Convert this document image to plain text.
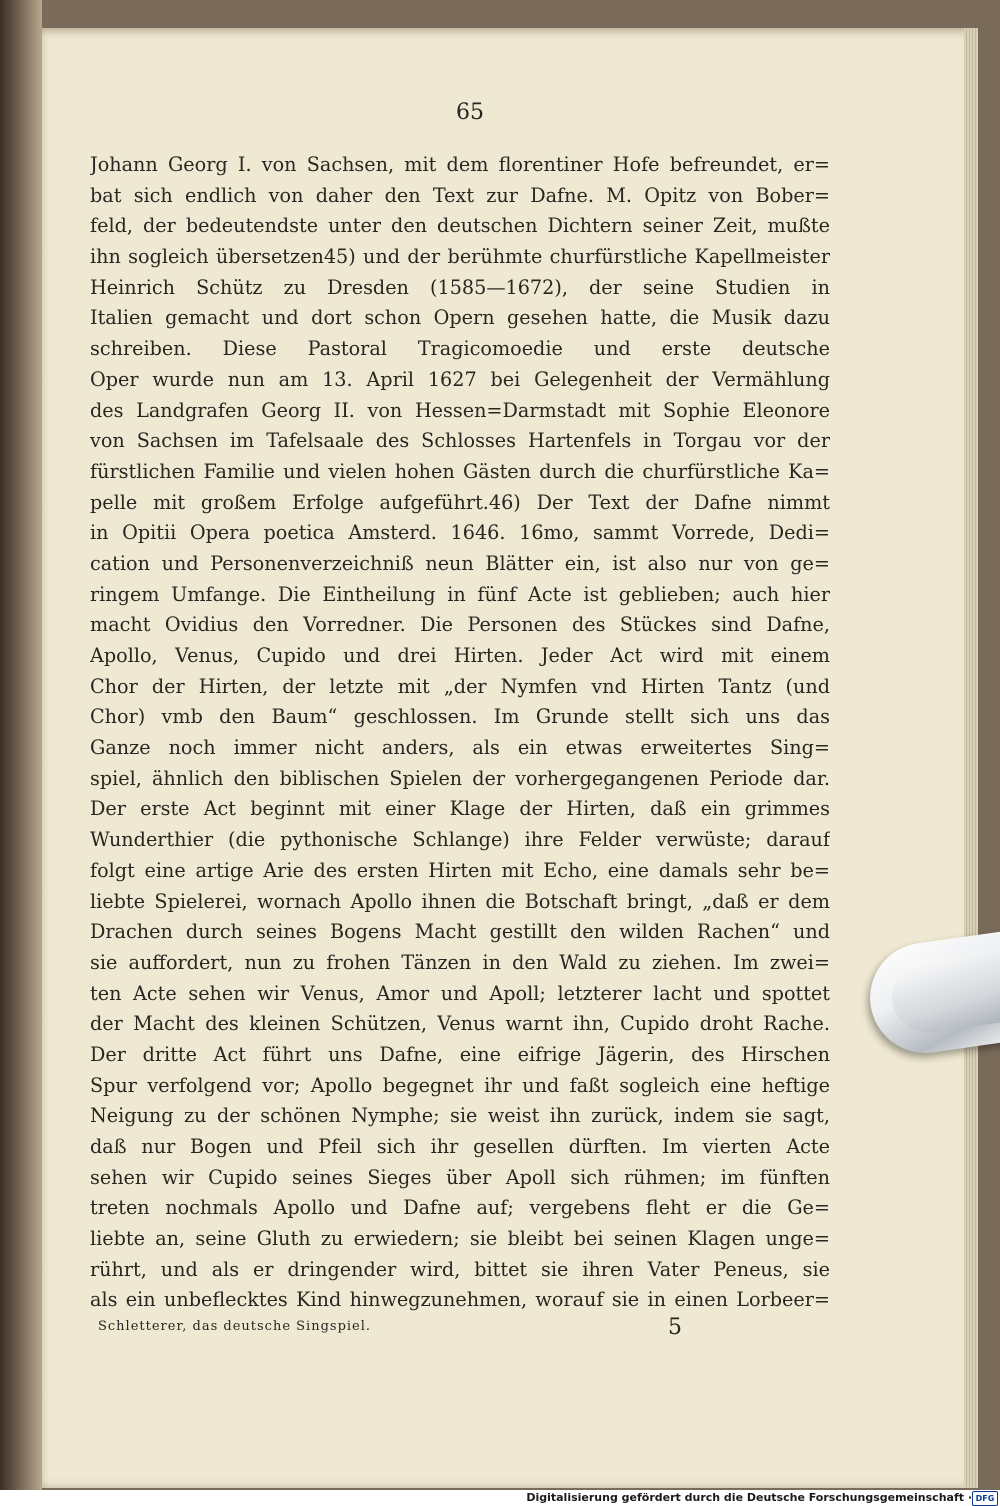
65
Johann Georg I. von Sachsen, mit dem florentiner Hofe befreundet, er=
bat sich endlich von daher den Text zur Dafne. M. Opitz von Bober=
feld, der bedeutendste unter den deutschen Dichtern seiner Zeit, mußte
ihn sogleich übersetzen45) und der berühmte churfürstliche Kapellmeister
Heinrich Schütz zu Dresden (1585—1672), der seine Studien in
Italien gemacht und dort schon Opern gesehen hatte, die Musik dazu
schreiben. Diese Pastoral Tragicomoedie und erste deutsche
Oper wurde nun am 13. April 1627 bei Gelegenheit der Vermählung
des Landgrafen Georg II. von Hessen=Darmstadt mit Sophie Eleonore
von Sachsen im Tafelsaale des Schlosses Hartenfels in Torgau vor der
fürstlichen Familie und vielen hohen Gästen durch die churfürstliche Ka=
pelle mit großem Erfolge aufgeführt.46) Der Text der Dafne nimmt
in Opitii Opera poetica Amsterd. 1646. 16mo, sammt Vorrede, Dedi=
cation und Personenverzeichniß neun Blätter ein, ist also nur von ge=
ringem Umfange. Die Eintheilung in fünf Acte ist geblieben; auch hier
macht Ovidius den Vorredner. Die Personen des Stückes sind Dafne,
Apollo, Venus, Cupido und drei Hirten. Jeder Act wird mit einem
Chor der Hirten, der letzte mit „der Nymfen vnd Hirten Tantz (und
Chor) vmb den Baum“ geschlossen. Im Grunde stellt sich uns das
Ganze noch immer nicht anders, als ein etwas erweitertes Sing=
spiel, ähnlich den biblischen Spielen der vorhergegangenen Periode dar.
Der erste Act beginnt mit einer Klage der Hirten, daß ein grimmes
Wunderthier (die pythonische Schlange) ihre Felder verwüste; darauf
folgt eine artige Arie des ersten Hirten mit Echo, eine damals sehr be=
liebte Spielerei, wornach Apollo ihnen die Botschaft bringt, „daß er dem
Drachen durch seines Bogens Macht gestillt den wilden Rachen“ und
sie auffordert, nun zu frohen Tänzen in den Wald zu ziehen. Im zwei=
ten Acte sehen wir Venus, Amor und Apoll; letzterer lacht und spottet
der Macht des kleinen Schützen, Venus warnt ihn, Cupido droht Rache.
Der dritte Act führt uns Dafne, eine eifrige Jägerin, des Hirschen
Spur verfolgend vor; Apollo begegnet ihr und faßt sogleich eine heftige
Neigung zu der schönen Nymphe; sie weist ihn zurück, indem sie sagt,
daß nur Bogen und Pfeil sich ihr gesellen dürften. Im vierten Acte
sehen wir Cupido seines Sieges über Apoll sich rühmen; im fünften
treten nochmals Apollo und Dafne auf; vergebens fleht er die Ge=
liebte an, seine Gluth zu erwiedern; sie bleibt bei seinen Klagen unge=
rührt, und als er dringender wird, bittet sie ihren Vater Peneus, sie
als ein unbeflecktes Kind hinwegzunehmen, worauf sie in einen Lorbeer=
Schletterer, das deutsche Singspiel.	5
Digitalisierung gefördert durch die Deutsche Forschungsgemeinschaft · DFG
